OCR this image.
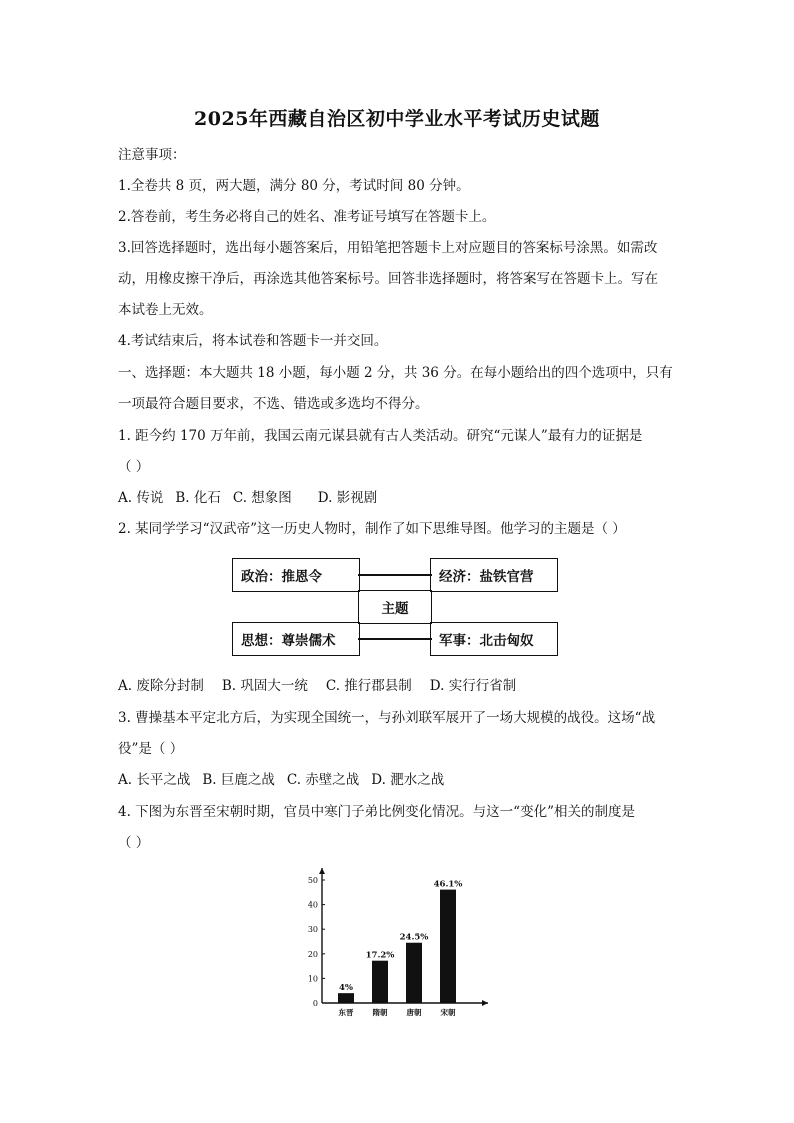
2025年西藏自治区初中学业水平考试历史试题
注意事项：
1.全卷共 8 页，两大题，满分 80 分，考试时间 80 分钟。
2.答卷前，考生务必将自己的姓名、准考证号填写在答题卡上。
3.回答选择题时，选出每小题答案后，用铅笔把答题卡上对应题目的答案标号涂黑。如需改
动，用橡皮擦干净后，再涂选其他答案标号。回答非选择题时，将答案写在答题卡上。写在
本试卷上无效。
4.考试结束后，将本试卷和答题卡一并交回。
一、选择题：本大题共 18 小题，每小题 2 分，共 36 分。在每小题给出的四个选项中，只有
一项最符合题目要求，不选、错选或多选均不得分。
1. 距今约 170 万年前，我国云南元谋县就有古人类活动。研究“元谋人”最有力的证据是
（ ）
A. 传说 B. 化石 C. 想象图 D. 影视剧
2. 某同学学习“汉武帝”这一历史人物时，制作了如下思维导图。他学习的主题是（ ）
政治：推恩令	经济：盐铁官营
思想：尊崇儒术	军事：北击匈奴
主题
A. 废除分封制 B. 巩固大一统 C. 推行郡县制 D. 实行行省制
3. 曹操基本平定北方后，为实现全国统一，与孙刘联军展开了一场大规模的战役。这场“战
役”是（ ）
A. 长平之战 B. 巨鹿之战 C. 赤壁之战 D. 淝水之战
4. 下图为东晋至宋朝时期，官员中寒门子弟比例变化情况。与这一“变化”相关的制度是
（ ）
0
10
20
30
40
50
4%
东晋
17.2%
隋朝
24.5%
唐朝
46.1%
宋朝
